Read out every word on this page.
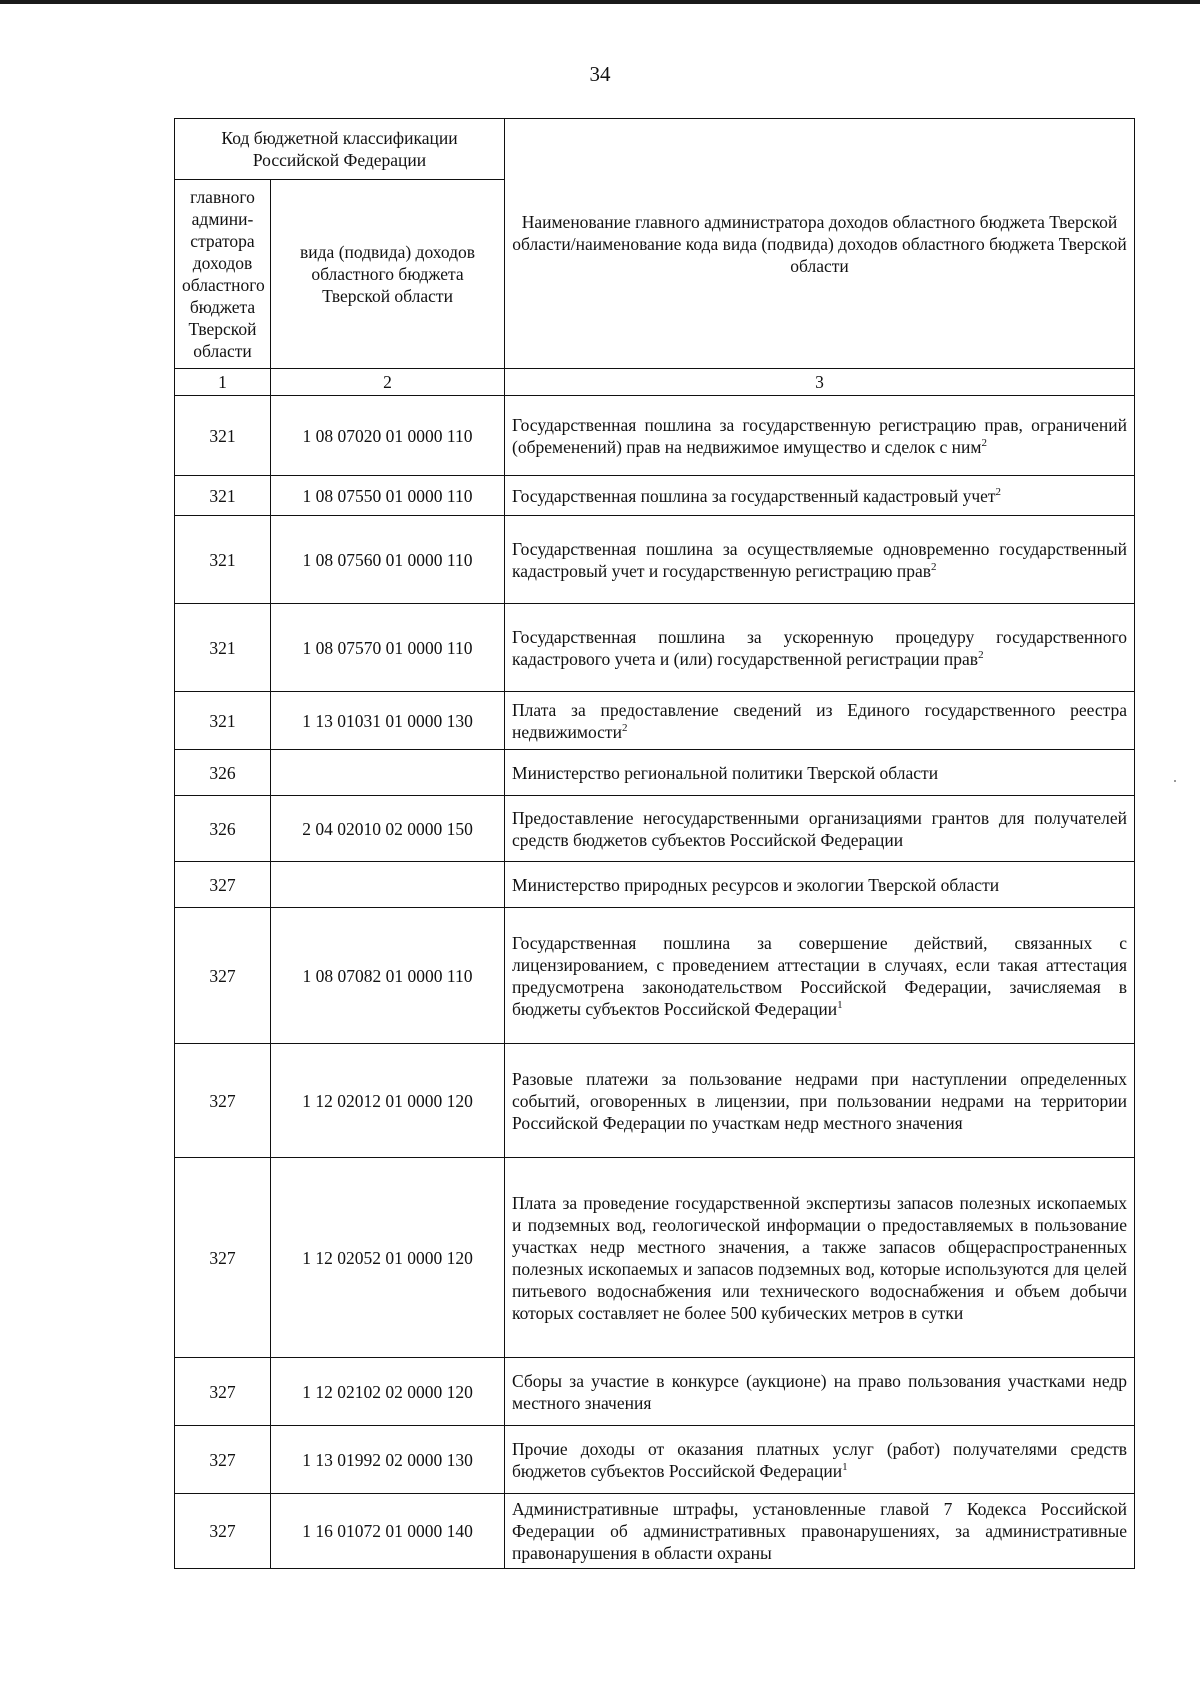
34
Код бюджетной классификации Российской Федерации		Наименование главного администратора доходов областного бюджета Тверской области/наименование кода вида (подвида) доходов областного бюджета Тверской области
главного админи-стратора доходов областного бюджета Тверской области	вида (подвида) доходов областного бюджета Тверской области	
1	2	3
321	1 08 07020 01 0000 110	Государственная пошлина за государственную регистрацию прав, ограничений (обременений) прав на недвижимое имущество и сделок с ним$^2$
321	1 08 07550 01 0000 110	Государственная пошлина за государственный кадастровый учет$^2$
321	1 08 07560 01 0000 110	Государственная пошлина за осуществляемые одновременно государственный кадастровый учет и государственную регистрацию прав$^2$
321	1 08 07570 01 0000 110	Государственная пошлина за ускоренную процедуру государственного кадастрового учета и (или) государственной регистрации прав$^2$
321	1 13 01031 01 0000 130	Плата за предоставление сведений из Единого государственного реестра недвижимости$^2$
326		Министерство региональной политики Тверской области
326	2 04 02010 02 0000 150	Предоставление негосударственными организациями грантов для получателей средств бюджетов субъектов Российской Федерации
327		Министерство природных ресурсов и экологии Тверской области
327	1 08 07082 01 0000 110	Государственная пошлина за совершение действий, связанных с лицензированием, с проведением аттестации в случаях, если такая аттестация предусмотрена законодательством Российской Федерации, зачисляемая в бюджеты субъектов Российской Федерации$^1$
327	1 12 02012 01 0000 120	Разовые платежи за пользование недрами при наступлении определенных событий, оговоренных в лицензии, при пользовании недрами на территории Российской Федерации по участкам недр местного значения
327	1 12 02052 01 0000 120	Плата за проведение государственной экспертизы запасов полезных ископаемых и подземных вод, геологической информации о предоставляемых в пользование участках недр местного значения, а также запасов общераспространенных полезных ископаемых и запасов подземных вод, которые используются для целей питьевого водоснабжения или технического водоснабжения и объем добычи которых составляет не более 500 кубических метров в сутки
327	1 12 02102 02 0000 120	Сборы за участие в конкурсе (аукционе) на право пользования участками недр местного значения
327	1 13 01992 02 0000 130	Прочие доходы от оказания платных услуг (работ) получателями средств бюджетов субъектов Российской Федерации$^1$
327	1 16 01072 01 0000 140	Административные штрафы, установленные главой 7 Кодекса Российской Федерации об административных правонарушениях, за административные правонарушения в области охраны
